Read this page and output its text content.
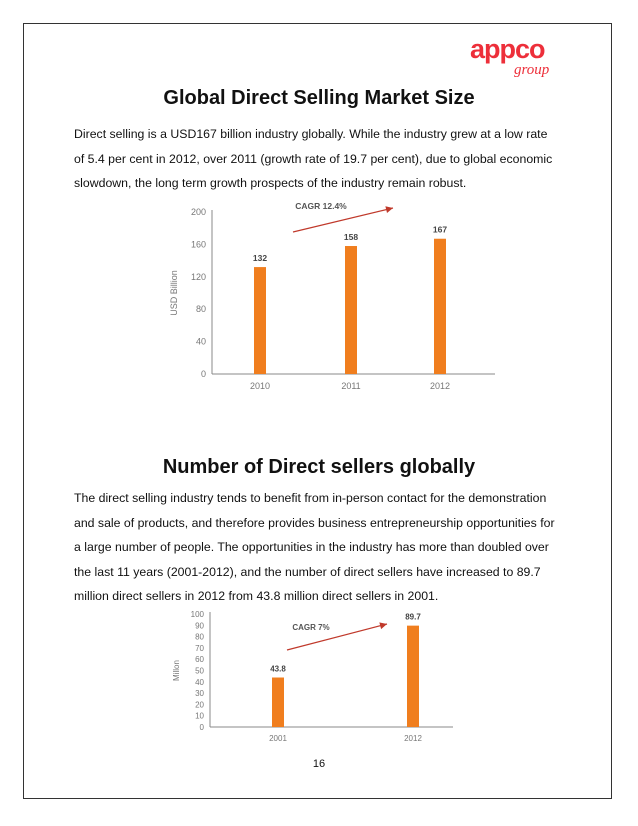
appco
group
Global Direct Selling Market Size
Direct selling is a USD167 billion industry globally. While the industry grew at a low rate
of 5.4 per cent in 2012, over 2011 (growth rate of 19.7 per cent), due to global economic
slowdown, the long term growth prospects of the industry remain robust.
0
40
80
120
160
200
USD Billion
132
2010
158
2011
167
2012
CAGR 12.4%
Number of Direct sellers globally
The direct selling industry tends to benefit from in-person contact for the demonstration
and sale of products, and therefore provides business entrepreneurship opportunities for
a large number of people. The opportunities in the industry has more than doubled over
the last 11 years (2001-2012), and the number of direct sellers have increased to 89.7
million direct sellers in 2012 from 43.8 million direct sellers in 2001.
0
10
20
30
40
50
60
70
80
90
100
Millon	43.8
2001
89.7
2012
CAGR 7%
16
